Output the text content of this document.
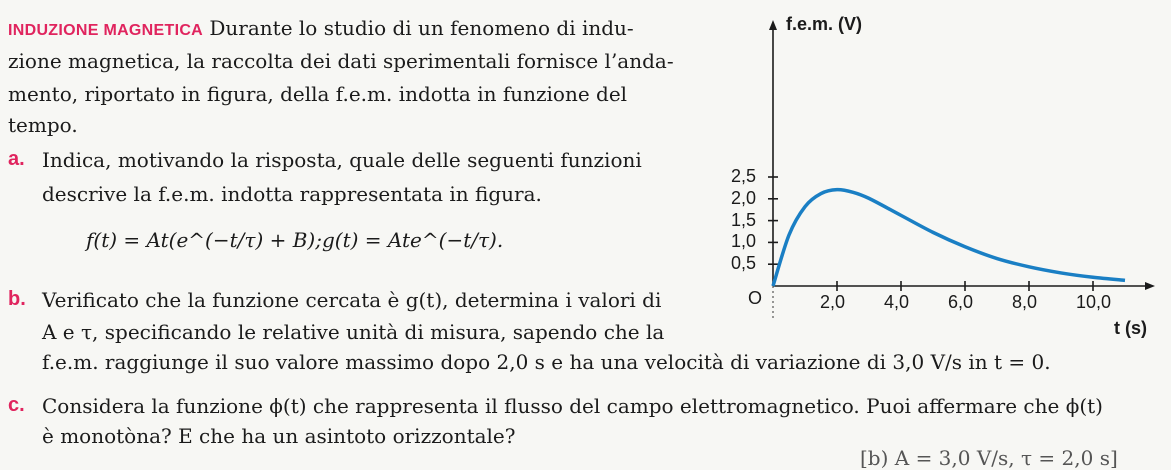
INDUZIONE MAGNETICA Durante lo studio di un fenomeno di indu-
zione magnetica, la raccolta dei dati sperimentali fornisce l’anda-
mento, riportato in figura, della f.e.m. indotta in funzione del
tempo.
a. Indica, motivando la risposta, quale delle seguenti funzioni
descrive la f.e.m. indotta rappresentata in figura.
f(t) = At(e^(−t/τ) + B); g(t) = Ate^(−t/τ).
b. Verificato che la funzione cercata è g(t), determina i valori di
A e τ, specificando le relative unità di misura, sapendo che la
f.e.m. raggiunge il suo valore massimo dopo 2,0 s e ha una velocità di variazione di 3,0 V/s in t = 0.
c. Considera la funzione ϕ(t) che rappresenta il flusso del campo elettromagnetico. Puoi affermare che ϕ(t)
è monotòna? E che ha un asintoto orizzontale?
[b) A = 3,0 V/s, τ = 2,0 s]
f.e.m. (V)
t (s)
O
0,5
1,0
1,5
2,0
2,5
2,0 4,0 6,0 8,0 10,0
